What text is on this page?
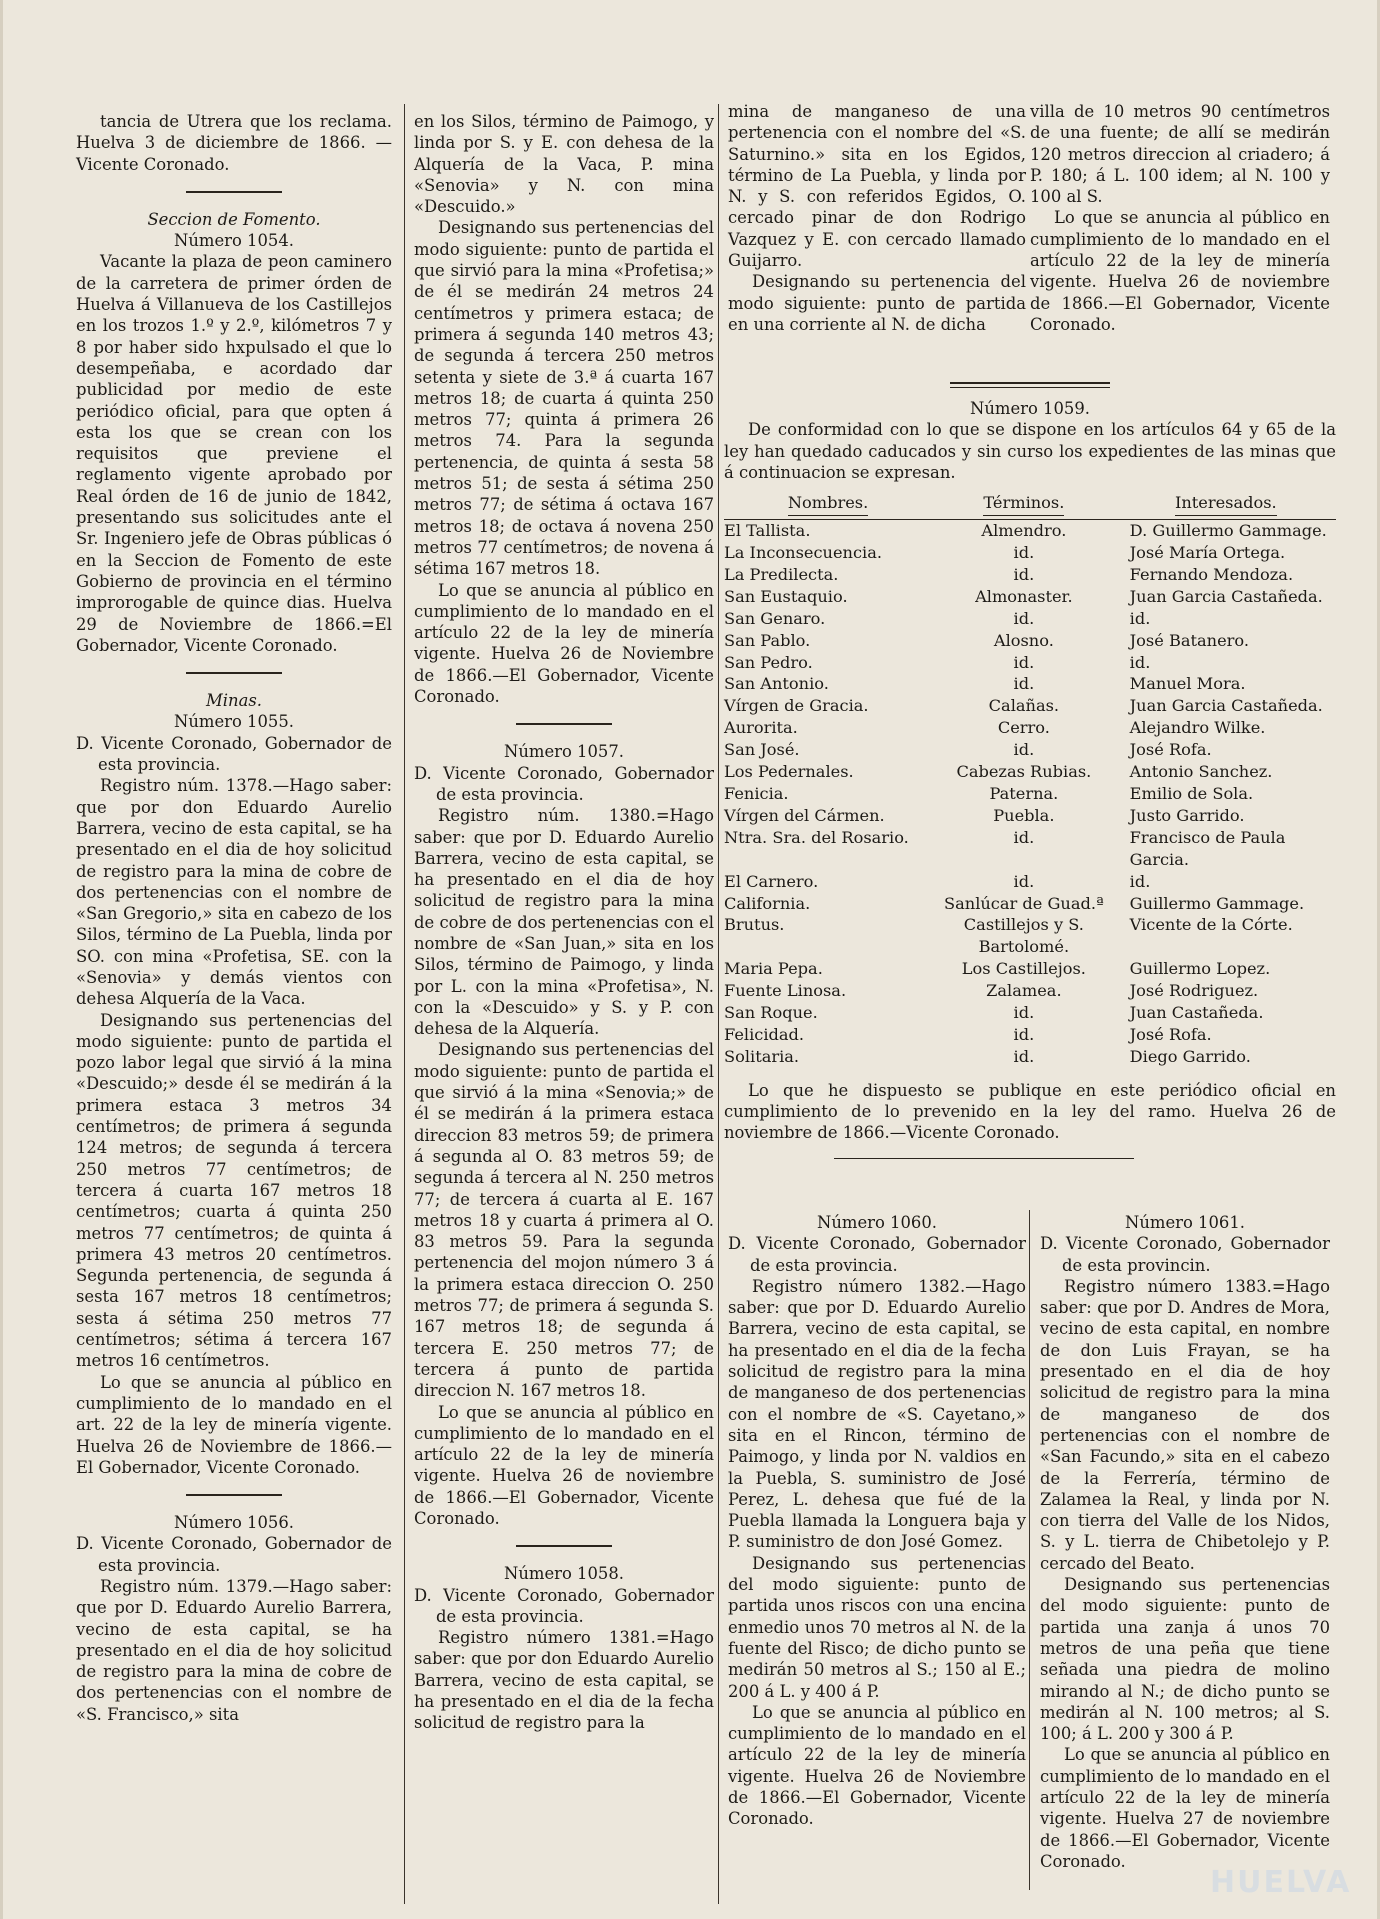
tancia de Utrera que los reclama. Huelva 3 de diciembre de 1866. —Vicente Coronado.

Seccion de Fomento.

Número 1054.

Vacante la plaza de peon caminero de la carretera de primer órden de Huelva á Villanueva de los Castillejos en los trozos 1.º y 2.º, kilómetros 7 y 8 por haber sido hxpulsado el que lo desempeñaba, e acordado dar publicidad por medio de este periódico oficial, para que opten á esta los que se crean con los requisitos que previene el reglamento vigente aprobado por Real órden de 16 de junio de 1842, presentando sus solicitudes ante el Sr. Ingeniero jefe de Obras públicas ó en la Seccion de Fomento de este Gobierno de provincia en el término improrogable de quince dias. Huelva 29 de Noviembre de 1866.=El Gobernador, Vicente Coronado.

Minas.

Número 1055.

D. Vicente Coronado, Gobernador de esta provincia.

Registro núm. 1378.—Hago saber: que por don Eduardo Aurelio Barrera, vecino de esta capital, se ha presentado en el dia de hoy solicitud de registro para la mina de cobre de dos pertenencias con el nombre de «San Gregorio,» sita en cabezo de los Silos, término de La Puebla, linda por SO. con mina «Profetisa, SE. con la «Senovia» y demás vientos con dehesa Alquería de la Vaca.

Designando sus pertenencias del modo siguiente: punto de partida el pozo labor legal que sirvió á la mina «Descuido;» desde él se medirán á la primera estaca 3 metros 34 centímetros; de primera á segunda 124 metros; de segunda á tercera 250 metros 77 centímetros; de tercera á cuarta 167 metros 18 centímetros; cuarta á quinta 250 metros 77 centímetros; de quinta á primera 43 metros 20 centímetros. Segunda pertenencia, de segunda á sesta 167 metros 18 centímetros; sesta á sétima 250 metros 77 centímetros; sétima á tercera 167 metros 16 centímetros.

Lo que se anuncia al público en cumplimiento de lo mandado en el art. 22 de la ley de minería vigente. Huelva 26 de Noviembre de 1866.—El Gobernador, Vicente Coronado.

Número 1056.

D. Vicente Coronado, Gobernador de esta provincia.

Registro núm. 1379.—Hago saber: que por D. Eduardo Aurelio Barrera, vecino de esta capital, se ha presentado en el dia de hoy solicitud de registro para la mina de cobre de dos pertenencias con el nombre de «S. Francisco,» sita

en los Silos, término de Paimogo, y linda por S. y E. con dehesa de la Alquería de la Vaca, P. mina «Senovia» y N. con mina «Descuido.»

Designando sus pertenencias del modo siguiente: punto de partida el que sirvió para la mina «Profetisa;» de él se medirán 24 metros 24 centímetros y primera estaca; de primera á segunda 140 metros 43; de segunda á tercera 250 metros setenta y siete de 3.ª á cuarta 167 metros 18; de cuarta á quinta 250 metros 77; quinta á primera 26 metros 74. Para la segunda pertenencia, de quinta á sesta 58 metros 51; de sesta á sétima 250 metros 77; de sétima á octava 167 metros 18; de octava á novena 250 metros 77 centímetros; de novena á sétima 167 metros 18.

Lo que se anuncia al público en cumplimiento de lo mandado en el artículo 22 de la ley de minería vigente. Huelva 26 de Noviembre de 1866.—El Gobernador, Vicente Coronado.

Número 1057.

D. Vicente Coronado, Gobernador de esta provincia.

Registro núm. 1380.=Hago saber: que por D. Eduardo Aurelio Barrera, vecino de esta capital, se ha presentado en el dia de hoy solicitud de registro para la mina de cobre de dos pertenencias con el nombre de «San Juan,» sita en los Silos, término de Paimogo, y linda por L. con la mina «Profetisa», N. con la «Descuido» y S. y P. con dehesa de la Alquería.

Designando sus pertenencias del modo siguiente: punto de partida el que sirvió á la mina «Senovia;» de él se medirán á la primera estaca direccion 83 metros 59; de primera á segunda al O. 83 metros 59; de segunda á tercera al N. 250 metros 77; de tercera á cuarta al E. 167 metros 18 y cuarta á primera al O. 83 metros 59. Para la segunda pertenencia del mojon número 3 á la primera estaca direccion O. 250 metros 77; de primera á segunda S. 167 metros 18; de segunda á tercera E. 250 metros 77; de tercera á punto de partida direccion N. 167 metros 18.

Lo que se anuncia al público en cumplimiento de lo mandado en el artículo 22 de la ley de minería vigente. Huelva 26 de noviembre de 1866.—El Gobernador, Vicente Coronado.

Número 1058.

D. Vicente Coronado, Gobernador de esta provincia.

Registro número 1381.=Hago saber: que por don Eduardo Aurelio Barrera, vecino de esta capital, se ha presentado en el dia de la fecha solicitud de registro para la

mina de manganeso de una pertenencia con el nombre del «S. Saturnino.» sita en los Egidos, término de La Puebla, y linda por N. y S. con referidos Egidos, O. cercado pinar de don Rodrigo Vazquez y E. con cercado llamado Guijarro.

Designando su pertenencia del modo siguiente: punto de partida en una corriente al N. de dicha

villa de 10 metros 90 centímetros de una fuente; de allí se medirán 120 metros direccion al criadero; á P. 180; á L. 100 idem; al N. 100 y 100 al S.

Lo que se anuncia al público en cumplimiento de lo mandado en el artículo 22 de la ley de minería vigente. Huelva 26 de noviembre de 1866.—El Gobernador, Vicente Coronado.

Número 1059.

De conformidad con lo que se dispone en los artículos 64 y 65 de la ley han quedado caducados y sin curso los expedientes de las minas que á continuacion se expresan.

Nombres.	Términos.	Interesados.
El Tallista.	Almendro.	D. Guillermo Gammage.
La Inconsecuencia.	id.	José María Ortega.
La Predilecta.	id.	Fernando Mendoza.
San Eustaquio.	Almonaster.	Juan Garcia Castañeda.
San Genaro.	id.	id.
San Pablo.	Alosno.	José Batanero.
San Pedro.	id.	id.
San Antonio.	id.	Manuel Mora.
Vírgen de Gracia.	Calañas.	Juan Garcia Castañeda.
Aurorita.	Cerro.	Alejandro Wilke.
San José.	id.	José Rofa.
Los Pedernales.	Cabezas Rubias.	Antonio Sanchez.
Fenicia.	Paterna.	Emilio de Sola.
Vírgen del Cármen.	Puebla.	Justo Garrido.
Ntra. Sra. del Rosario.	id.	Francisco de Paula Garcia.
El Carnero.	id.	id.
California.	Sanlúcar de Guad.ª	Guillermo Gammage.
Brutus.	Castillejos y S. Bartolomé.	Vicente de la Córte.
Maria Pepa.	Los Castillejos.	Guillermo Lopez.
Fuente Linosa.	Zalamea.	José Rodriguez.
San Roque.	id.	Juan Castañeda.
Felicidad.	id.	José Rofa.
Solitaria.	id.	Diego Garrido.

Lo que he dispuesto se publique en este periódico oficial en cumplimiento de lo prevenido en la ley del ramo. Huelva 26 de noviembre de 1866.—Vicente Coronado.

Número 1060.

D. Vicente Coronado, Gobernador de esta provincia.

Registro número 1382.—Hago saber: que por D. Eduardo Aurelio Barrera, vecino de esta capital, se ha presentado en el dia de la fecha solicitud de registro para la mina de manganeso de dos pertenencias con el nombre de «S. Cayetano,» sita en el Rincon, término de Paimogo, y linda por N. valdios en la Puebla, S. suministro de José Perez, L. dehesa que fué de la Puebla llamada la Longuera baja y P. suministro de don José Gomez.

Designando sus pertenencias del modo siguiente: punto de partida unos riscos con una encina enmedio unos 70 metros al N. de la fuente del Risco; de dicho punto se medirán 50 metros al S.; 150 al E.; 200 á L. y 400 á P.

Lo que se anuncia al público en cumplimiento de lo mandado en el artículo 22 de la ley de minería vigente. Huelva 26 de Noviembre de 1866.—El Gobernador, Vicente Coronado.

Número 1061.

D. Vicente Coronado, Gobernador de esta provincin.

Registro número 1383.=Hago saber: que por D. Andres de Mora, vecino de esta capital, en nombre de don Luis Frayan, se ha presentado en el dia de hoy solicitud de registro para la mina de manganeso de dos pertenencias con el nombre de «San Facundo,» sita en el cabezo de la Ferrería, término de Zalamea la Real, y linda por N. con tierra del Valle de los Nidos, S. y L. tierra de Chibetolejo y P. cercado del Beato.

Designando sus pertenencias del modo siguiente: punto de partida una zanja á unos 70 metros de una peña que tiene señada una piedra de molino mirando al N.; de dicho punto se medirán al N. 100 metros; al S. 100; á L. 200 y 300 á P.

Lo que se anuncia al público en cumplimiento de lo mandado en el artículo 22 de la ley de minería vigente. Huelva 27 de noviembre de 1866.—El Gobernador, Vicente Coronado.

HUELVA
